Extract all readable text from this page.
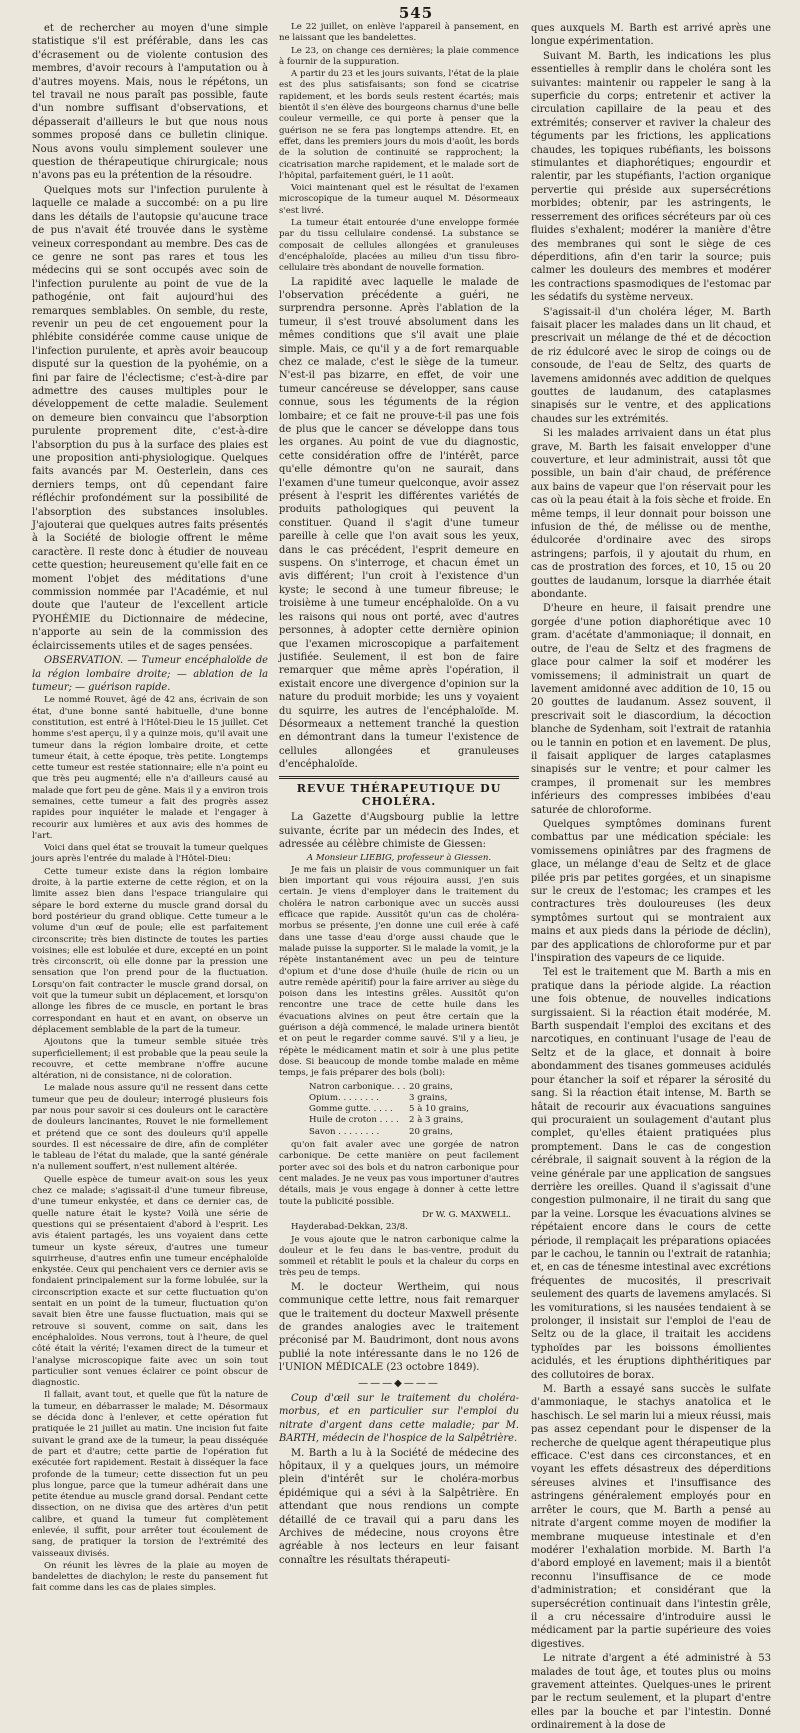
545

et de rechercher au moyen d'une simple statistique s'il est préférable, dans les cas d'écrasement ou de violente contusion des membres, d'avoir recours à l'amputation ou à d'autres moyens. Mais, nous le répétons, un tel travail ne nous paraît pas possible, faute d'un nombre suffisant d'observations, et dépasserait d'ailleurs le but que nous nous sommes proposé dans ce bulletin clinique. Nous avons voulu simplement soulever une question de thérapeutique chirurgicale; nous n'avons pas eu la prétention de la résoudre.

Quelques mots sur l'infection purulente à laquelle ce malade a succombé: on a pu lire dans les détails de l'autopsie qu'aucune trace de pus n'avait été trouvée dans le système veineux correspondant au membre. Des cas de ce genre ne sont pas rares et tous les médecins qui se sont occupés avec soin de l'infection purulente au point de vue de la pathogénie, ont fait aujourd'hui des remarques semblables. On semble, du reste, revenir un peu de cet engouement pour la phlébite considérée comme cause unique de l'infection purulente, et après avoir beaucoup disputé sur la question de la pyohémie, on a fini par faire de l'éclectisme; c'est-à-dire par admettre des causes multiples pour le développement de cette maladie. Seulement on demeure bien convaincu que l'absorption purulente proprement dite, c'est-à-dire l'absorption du pus à la surface des plaies est une proposition anti-physiologique. Quelques faits avancés par M. Oesterlein, dans ces derniers temps, ont dû cependant faire réfléchir profondément sur la possibilité de l'absorption des substances insolubles. J'ajouterai que quelques autres faits présentés à la Société de biologie offrent le même caractère. Il reste donc à étudier de nouveau cette question; heureusement qu'elle fait en ce moment l'objet des méditations d'une commission nommée par l'Académie, et nul doute que l'auteur de l'excellent article PYOHÉMIE du Dictionnaire de médecine, n'apporte au sein de la commission des éclaircissements utiles et de sages pensées.

OBSERVATION. — Tumeur encéphaloïde de la région lombaire droite; — ablation de la tumeur; — guérison rapide.

Le nommé Rouvet, âgé de 42 ans, écrivain de son état, d'une bonne santé habituelle, d'une bonne constitution, est entré à l'Hôtel-Dieu le 15 juillet. Cet homme s'est aperçu, il y a quinze mois, qu'il avait une tumeur dans la région lombaire droite, et cette tumeur était, à cette époque, très petite. Longtemps cette tumeur est restée stationnaire; elle n'a point eu que très peu augmenté; elle n'a d'ailleurs causé au malade que fort peu de gêne. Mais il y a environ trois semaines, cette tumeur a fait des progrès assez rapides pour inquiéter le malade et l'engager à recourir aux lumières et aux avis des hommes de l'art.

Voici dans quel état se trouvait la tumeur quelques jours après l'entrée du malade à l'Hôtel-Dieu:

Cette tumeur existe dans la région lombaire droite, à la partie externe de cette région, et on la limite assez bien dans l'espace triangulaire qui sépare le bord externe du muscle grand dorsal du bord postérieur du grand oblique. Cette tumeur a le volume d'un œuf de poule; elle est parfaitement circonscrite; très bien distincte de toutes les parties voisines; elle est lobulée et dure, excepté en un point très circonscrit, où elle donne par la pression une sensation que l'on prend pour de la fluctuation. Lorsqu'on fait contracter le muscle grand dorsal, on voit que la tumeur subit un déplacement, et lorsqu'on allonge les fibres de ce muscle, en portant le bras correspondant en haut et en avant, on observe un déplacement semblable de la part de la tumeur.

Ajoutons que la tumeur semble située très superficiellement; il est probable que la peau seule la recouvre, et cette membrane n'offre aucune altération, ni de consistance, ni de coloration.

Le malade nous assure qu'il ne ressent dans cette tumeur que peu de douleur; interrogé plusieurs fois par nous pour savoir si ces douleurs ont le caractère de douleurs lancinantes, Rouvet le nie formellement et prétend que ce sont des douleurs qu'il appelle sourdes. Il est nécessaire de dire, afin de compléter le tableau de l'état du malade, que la santé générale n'a nullement souffert, n'est nullement altérée.

Quelle espèce de tumeur avait-on sous les yeux chez ce malade; s'agissait-il d'une tumeur fibreuse, d'une tumeur enkystée, et dans ce dernier cas, de quelle nature était le kyste? Voilà une série de questions qui se présentaient d'abord à l'esprit. Les avis étaient partagés, les uns voyaient dans cette tumeur un kyste séreux, d'autres une tumeur squirrheuse, d'autres enfin une tumeur encéphaloïde enkystée. Ceux qui penchaient vers ce dernier avis se fondaient principalement sur la forme lobulée, sur la circonscription exacte et sur cette fluctuation qu'on sentait en un point de la tumeur, fluctuation qu'on savait bien être une fausse fluctuation, mais qui se retrouve si souvent, comme on sait, dans les encéphaloïdes. Nous verrons, tout à l'heure, de quel côté était la vérité; l'examen direct de la tumeur et l'analyse microscopique faite avec un soin tout particulier sont venues éclairer ce point obscur de diagnostic.

Il fallait, avant tout, et quelle que fût la nature de la tumeur, en débarrasser le malade; M. Désormaux se décida donc à l'enlever, et cette opération fut pratiquée le 21 juillet au matin. Une incision fut faite suivant le grand axe de la tumeur, la peau disséquée de part et d'autre; cette partie de l'opération fut exécutée fort rapidement. Restait à disséquer la face profonde de la tumeur; cette dissection fut un peu plus longue, parce que la tumeur adhérait dans une petite étendue au muscle grand dorsal. Pendant cette dissection, on ne divisa que des artères d'un petit calibre, et quand la tumeur fut complètement enlevée, il suffit, pour arrêter tout écoulement de sang, de pratiquer la torsion de l'extrémité des vaisseaux divisés.

On réunit les lèvres de la plaie au moyen de bandelettes de diachylon; le reste du pansement fut fait comme dans les cas de plaies simples.

Le 22 juillet, on enlève l'appareil à pansement, en ne laissant que les bandelettes.

Le 23, on change ces dernières; la plaie commence à fournir de la suppuration.

A partir du 23 et les jours suivants, l'état de la plaie est des plus satisfaisants; son fond se cicatrise rapidement, et les bords seuls restent écartés; mais bientôt il s'en élève des bourgeons charnus d'une belle couleur vermeille, ce qui porte à penser que la guérison ne se fera pas longtemps attendre. Et, en effet, dans les premiers jours du mois d'août, les bords de la solution de continuité se rapprochent; la cicatrisation marche rapidement, et le malade sort de l'hôpital, parfaitement guéri, le 11 août.

Voici maintenant quel est le résultat de l'examen microscopique de la tumeur auquel M. Désormeaux s'est livré.

La tumeur était entourée d'une enveloppe formée par du tissu cellulaire condensé. La substance se composait de cellules allongées et granuleuses d'encéphaloïde, placées au milieu d'un tissu fibro-cellulaire très abondant de nouvelle formation.

La rapidité avec laquelle le malade de l'observation précédente a guéri, ne surprendra personne. Après l'ablation de la tumeur, il s'est trouvé absolument dans les mêmes conditions que s'il avait une plaie simple. Mais, ce qu'il y a de fort remarquable chez ce malade, c'est le siège de la tumeur. N'est-il pas bizarre, en effet, de voir une tumeur cancéreuse se développer, sans cause connue, sous les téguments de la région lombaire; et ce fait ne prouve-t-il pas une fois de plus que le cancer se développe dans tous les organes. Au point de vue du diagnostic, cette considération offre de l'intérêt, parce qu'elle démontre qu'on ne saurait, dans l'examen d'une tumeur quelconque, avoir assez présent à l'esprit les différentes variétés de produits pathologiques qui peuvent la constituer. Quand il s'agit d'une tumeur pareille à celle que l'on avait sous les yeux, dans le cas précédent, l'esprit demeure en suspens. On s'interroge, et chacun émet un avis différent; l'un croit à l'existence d'un kyste; le second à une tumeur fibreuse; le troisième à une tumeur encéphaloïde. On a vu les raisons qui nous ont porté, avec d'autres personnes, à adopter cette dernière opinion que l'examen microscopique a parfaitement justifiée. Seulement, il est bon de faire remarquer que même après l'opération, il existait encore une divergence d'opinion sur la nature du produit morbide; les uns y voyaient du squirre, les autres de l'encéphaloïde. M. Désormeaux a nettement tranché la question en démontrant dans la tumeur l'existence de cellules allongées et granuleuses d'encéphaloïde.

REVUE THÉRAPEUTIQUE DU CHOLÉRA.

La Gazette d'Augsbourg publie la lettre suivante, écrite par un médecin des Indes, et adressée au célèbre chimiste de Giessen:

A Monsieur LIEBIG, professeur à Giessen.

Je me fais un plaisir de vous communiquer un fait bien important qui vous réjouira aussi, j'en suis certain. Je viens d'employer dans le traitement du choléra le natron carbonique avec un succès aussi efficace que rapide. Aussitôt qu'un cas de choléra-morbus se présente, j'en donne une cuil erée à café dans une tasse d'eau d'orge aussi chaude que le malade puisse la supporter. Si le malade la vomit, je la répète instantanément avec un peu de teinture d'opium et d'une dose d'huile (huile de ricin ou un autre remède apéritif) pour la faire arriver au siège du poison dans les intestins grêles. Aussitôt qu'on rencontre une trace de cette huile dans les évacuations alvines on peut être certain que la guérison a déjà commencé, le malade urinera bientôt et on peut le regarder comme sauvé. S'il y a lieu, je répète le médicament matin et soir à une plus petite dose. Si beaucoup de monde tombe malade en même temps, je fais préparer des bols (boli):

Natron carbonique. . . 20 grains,
Opium. . . . . . . .	3 grains,
Gomme gutte. . . . .	5 à 10 grains,
Huile de croton . . . .	2 à 3 grains,
Savon . . . . . . . .	20 grains,

qu'on fait avaler avec une gorgée de natron carbonique. De cette manière on peut facilement porter avec soi des bols et du natron carbonique pour cent malades. Je ne veux pas vous importuner d'autres détails, mais je vous engage à donner à cette lettre toute la publicité possible.

Dr W. G. MAXWELL.

Hayderabad-Dekkan, 23/8.

Je vous ajoute que le natron carbonique calme la douleur et le feu dans le bas-ventre, produit du sommeil et rétablit le pouls et la chaleur du corps en très peu de temps.

M. le docteur Wertheim, qui nous communique cette lettre, nous fait remarquer que le traitement du docteur Maxwell présente de grandes analogies avec le traitement préconisé par M. Baudrimont, dont nous avons publié la note intéressante dans le no 126 de l'UNION MÉDICALE (23 octobre 1849).

———◆———

Coup d'œil sur le traitement du choléra-morbus, et en particulier sur l'emploi du nitrate d'argent dans cette maladie; par M. BARTH, médecin de l'hospice de la Salpêtrière.

M. Barth a lu à la Société de médecine des hôpitaux, il y a quelques jours, un mémoire plein d'intérêt sur le choléra-morbus épidémique qui a sévi à la Salpêtrière. En attendant que nous rendions un compte détaillé de ce travail qui a paru dans les Archives de médecine, nous croyons être agréable à nos lecteurs en leur faisant connaître les résultats thérapeuti-

ques auxquels M. Barth est arrivé après une longue expérimentation.

Suivant M. Barth, les indications les plus essentielles à remplir dans le choléra sont les suivantes: maintenir ou rappeler le sang à la superficie du corps; entretenir et activer la circulation capillaire de la peau et des extrémités; conserver et raviver la chaleur des téguments par les frictions, les applications chaudes, les topiques rubéfiants, les boissons stimulantes et diaphorétiques; engourdir et ralentir, par les stupéfiants, l'action organique pervertie qui préside aux supersécrétions morbides; obtenir, par les astringents, le resserrement des orifices sécréteurs par où ces fluides s'exhalent; modérer la manière d'être des membranes qui sont le siège de ces déperditions, afin d'en tarir la source; puis calmer les douleurs des membres et modérer les contractions spasmodiques de l'estomac par les sédatifs du système nerveux.

S'agissait-il d'un choléra léger, M. Barth faisait placer les malades dans un lit chaud, et prescrivait un mélange de thé et de décoction de riz édulcoré avec le sirop de coings ou de consoude, de l'eau de Seltz, des quarts de lavemens amidonnés avec addition de quelques gouttes de laudanum, des cataplasmes sinapisés sur le ventre, et des applications chaudes sur les extrémités.

Si les malades arrivaient dans un état plus grave, M. Barth les faisait envelopper d'une couverture, et leur administrait, aussi tôt que possible, un bain d'air chaud, de préférence aux bains de vapeur que l'on réservait pour les cas où la peau était à la fois sèche et froide. En même temps, il leur donnait pour boisson une infusion de thé, de mélisse ou de menthe, édulcorée d'ordinaire avec des sirops astringens; parfois, il y ajoutait du rhum, en cas de prostration des forces, et 10, 15 ou 20 gouttes de laudanum, lorsque la diarrhée était abondante.

D'heure en heure, il faisait prendre une gorgée d'une potion diaphorétique avec 10 gram. d'acétate d'ammoniaque; il donnait, en outre, de l'eau de Seltz et des fragmens de glace pour calmer la soif et modérer les vomissemens; il administrait un quart de lavement amidonné avec addition de 10, 15 ou 20 gouttes de laudanum. Assez souvent, il prescrivait soit le diascordium, la décoction blanche de Sydenham, soit l'extrait de ratanhia ou le tannin en potion et en lavement. De plus, il faisait appliquer de larges cataplasmes sinapisés sur le ventre; et pour calmer les crampes, il promenait sur les membres inférieurs des compresses imbibées d'eau saturée de chloroforme.

Quelques symptômes dominans furent combattus par une médication spéciale: les vomissemens opiniâtres par des fragmens de glace, un mélange d'eau de Seltz et de glace pilée pris par petites gorgées, et un sinapisme sur le creux de l'estomac; les crampes et les contractures très douloureuses (les deux symptômes surtout qui se montraient aux mains et aux pieds dans la période de déclin), par des applications de chloroforme pur et par l'inspiration des vapeurs de ce liquide.

Tel est le traitement que M. Barth a mis en pratique dans la période algide. La réaction une fois obtenue, de nouvelles indications surgissaient. Si la réaction était modérée, M. Barth suspendait l'emploi des excitans et des narcotiques, en continuant l'usage de l'eau de Seltz et de la glace, et donnait à boire abondamment des tisanes gommeuses acidulés pour étancher la soif et réparer la sérosité du sang. Si la réaction était intense, M. Barth se hâtait de recourir aux évacuations sanguines qui procuraient un soulagement d'autant plus complet, qu'elles étaient pratiquées plus promptement. Dans le cas de congestion cérébrale, il saignait souvent à la région de la veine générale par une application de sangsues derrière les oreilles. Quand il s'agissait d'une congestion pulmonaire, il ne tirait du sang que par la veine. Lorsque les évacuations alvines se répétaient encore dans le cours de cette période, il remplaçait les préparations opiacées par le cachou, le tannin ou l'extrait de ratanhia; et, en cas de ténesme intestinal avec excrétions fréquentes de mucosités, il prescrivait seulement des quarts de lavemens amylacés. Si les vomiturations, si les nausées tendaient à se prolonger, il insistait sur l'emploi de l'eau de Seltz ou de la glace, il traitait les accidens typhoïdes par les boissons émollientes acidulés, et les éruptions diphthéritiques par des collutoires de borax.

M. Barth a essayé sans succès le sulfate d'ammoniaque, le stachys anatolica et le haschisch. Le sel marin lui a mieux réussi, mais pas assez cependant pour le dispenser de la recherche de quelque agent thérapeutique plus efficace. C'est dans ces circonstances, et en voyant les effets désastreux des déperditions séreuses alvines et l'insuffisance des astringens généralement employés pour en arrêter le cours, que M. Barth a pensé au nitrate d'argent comme moyen de modifier la membrane muqueuse intestinale et d'en modérer l'exhalation morbide. M. Barth l'a d'abord employé en lavement; mais il a bientôt reconnu l'insuffisance de ce mode d'administration; et considérant que la supersécrétion continuait dans l'intestin grêle, il a cru nécessaire d'introduire aussi le médicament par la partie supérieure des voies digestives.

Le nitrate d'argent a été administré à 53 malades de tout âge, et toutes plus ou moins gravement atteintes. Quelques-unes le prirent par le rectum seulement, et la plupart d'entre elles par la bouche et par l'intestin. Donné ordinairement à la dose de
